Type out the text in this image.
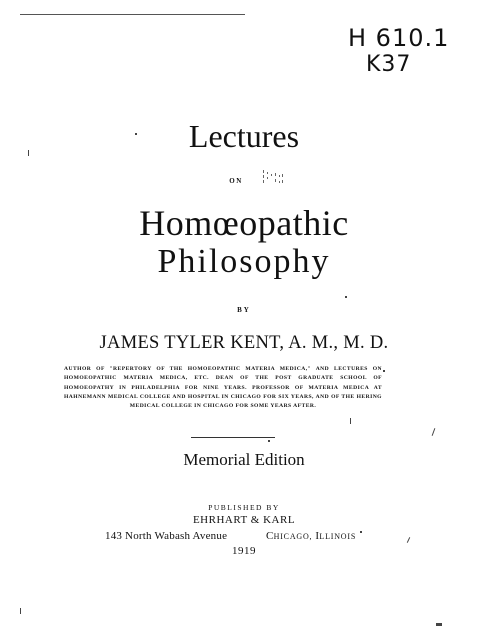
H 610.1
K37
Lectures
ON
Homœopathic
Philosophy
BY
JAMES TYLER KENT, A. M., M. D.
AUTHOR OF "REPERTORY OF THE HOMOEOPATHIC MATERIA MEDICA," AND LECTURES ON HOMOEOPATHIC MATERIA MEDICA, ETC. DEAN OF THE POST GRADUATE SCHOOL OF HOMOEOPATHY IN PHILADELPHIA FOR NINE YEARS. PROFESSOR OF MATERIA MEDICA AT HAHNEMANN MEDICAL COLLEGE AND HOSPITAL IN CHICAGO FOR SIX YEARS, AND OF THE HERING MEDICAL COLLEGE IN CHICAGO FOR SOME YEARS AFTER.
Memorial Edition
PUBLISHED BY
EHRHART & KARL
143 North Wabash Avenue	CHICAGO, ILLINOIS
1919
